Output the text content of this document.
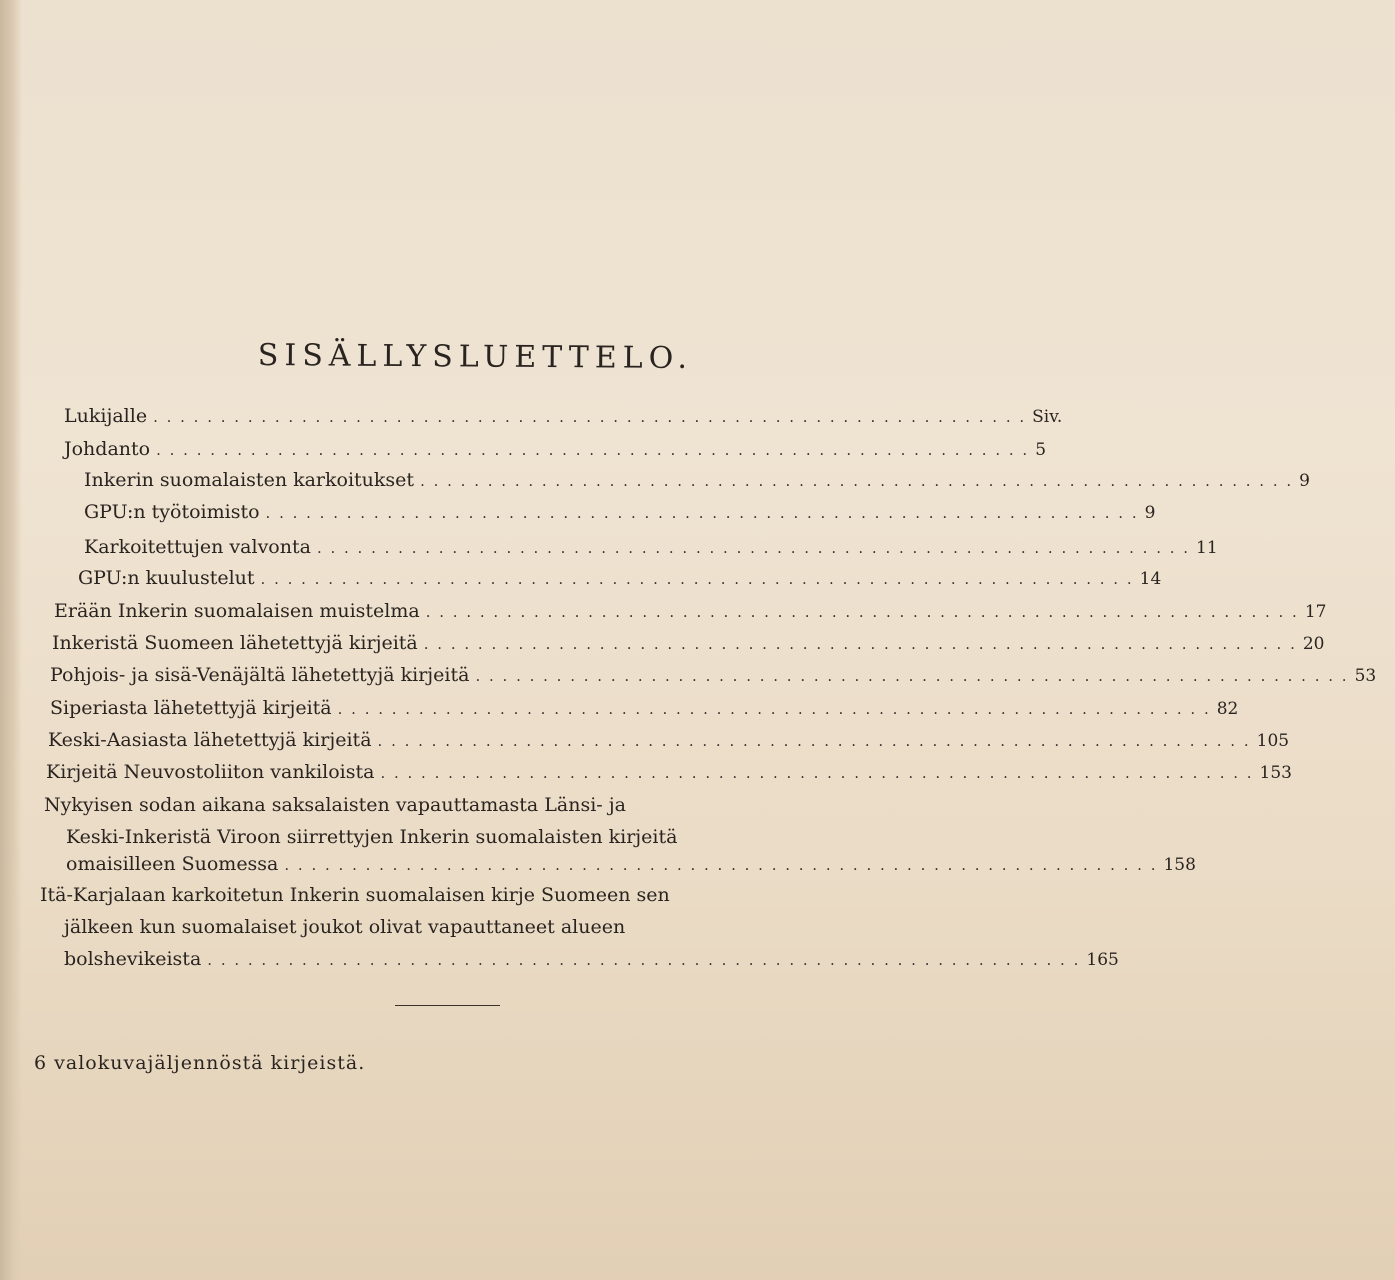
SISÄLLYSLUETTELO.
Lukijalle . . . . . . . . . . . . . . . . . . . . . . . . . . . . . . . . . . . . . . . . . . . . . . . . . . . . . . . . . . . . . . . . . Siv.
Johdanto . . . . . . . . . . . . . . . . . . . . . . . . . . . . . . . . . . . . . . . . . . . . . . . . . . . . . . . . . . . . . . . . . 5
Inkerin suomalaisten karkoitukset . . . . . . . . . . . . . . . . . . . . . . . . . . . . . . . . . . . . . . . . . . . . . . . . . . . . . . . . . . . . . . . . . 9
GPU:n työtoimisto . . . . . . . . . . . . . . . . . . . . . . . . . . . . . . . . . . . . . . . . . . . . . . . . . . . . . . . . . . . . . . . . . 9
Karkoitettujen valvonta . . . . . . . . . . . . . . . . . . . . . . . . . . . . . . . . . . . . . . . . . . . . . . . . . . . . . . . . . . . . . . . . . 11
GPU:n kuulustelut . . . . . . . . . . . . . . . . . . . . . . . . . . . . . . . . . . . . . . . . . . . . . . . . . . . . . . . . . . . . . . . . . 14
Erään Inkerin suomalaisen muistelma . . . . . . . . . . . . . . . . . . . . . . . . . . . . . . . . . . . . . . . . . . . . . . . . . . . . . . . . . . . . . . . . . 17
Inkeristä Suomeen lähetettyjä kirjeitä . . . . . . . . . . . . . . . . . . . . . . . . . . . . . . . . . . . . . . . . . . . . . . . . . . . . . . . . . . . . . . . . . 20
Pohjois- ja sisä-Venäjältä lähetettyjä kirjeitä . . . . . . . . . . . . . . . . . . . . . . . . . . . . . . . . . . . . . . . . . . . . . . . . . . . . . . . . . . . . . . . . . 53
Siperiasta lähetettyjä kirjeitä . . . . . . . . . . . . . . . . . . . . . . . . . . . . . . . . . . . . . . . . . . . . . . . . . . . . . . . . . . . . . . . . . 82
Keski-Aasiasta lähetettyjä kirjeitä . . . . . . . . . . . . . . . . . . . . . . . . . . . . . . . . . . . . . . . . . . . . . . . . . . . . . . . . . . . . . . . . . 105
Kirjeitä Neuvostoliiton vankiloista . . . . . . . . . . . . . . . . . . . . . . . . . . . . . . . . . . . . . . . . . . . . . . . . . . . . . . . . . . . . . . . . . 153
Nykyisen sodan aikana saksalaisten vapauttamasta Länsi- ja
Keski-Inkeristä Viroon siirrettyjen Inkerin suomalaisten kirjeitä
omaisilleen Suomessa . . . . . . . . . . . . . . . . . . . . . . . . . . . . . . . . . . . . . . . . . . . . . . . . . . . . . . . . . . . . . . . . . 158
Itä-Karjalaan karkoitetun Inkerin suomalaisen kirje Suomeen sen
jälkeen kun suomalaiset joukot olivat vapauttaneet alueen
bolshevikeista . . . . . . . . . . . . . . . . . . . . . . . . . . . . . . . . . . . . . . . . . . . . . . . . . . . . . . . . . . . . . . . . . 165
6 valokuvajäljennöstä kirjeistä.
